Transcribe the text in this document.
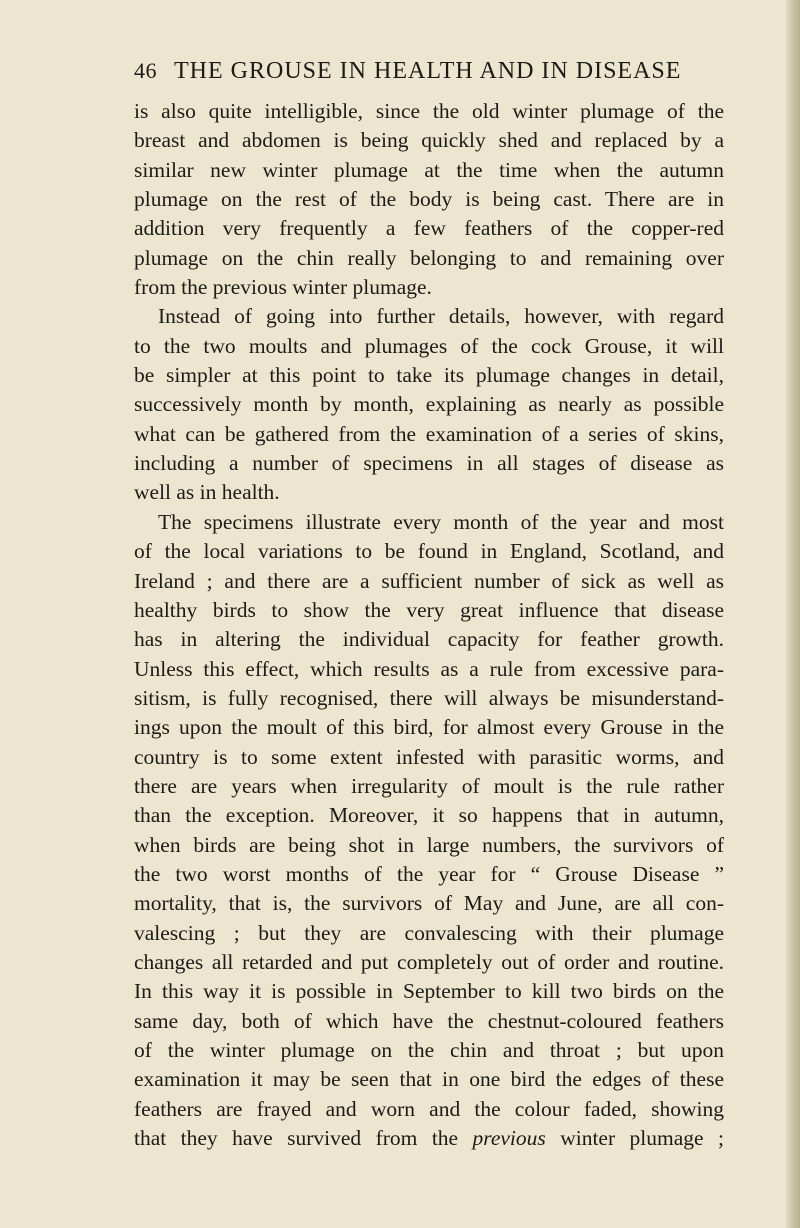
46 THE GROUSE IN HEALTH AND IN DISEASE
is also quite intelligible, since the old winter plumage of the
breast and abdomen is being quickly shed and replaced by a
similar new winter plumage at the time when the autumn
plumage on the rest of the body is being cast. There are in
addition very frequently a few feathers of the copper-red
plumage on the chin really belonging to and remaining over
from the previous winter plumage.
Instead of going into further details, however, with regard
to the two moults and plumages of the cock Grouse, it will
be simpler at this point to take its plumage changes in detail,
successively month by month, explaining as nearly as possible
what can be gathered from the examination of a series of skins,
including a number of specimens in all stages of disease as
well as in health.
The specimens illustrate every month of the year and most
of the local variations to be found in England, Scotland, and
Ireland ; and there are a sufficient number of sick as well as
healthy birds to show the very great influence that disease
has in altering the individual capacity for feather growth.
Unless this effect, which results as a rule from excessive para-
sitism, is fully recognised, there will always be misunderstand-
ings upon the moult of this bird, for almost every Grouse in the
country is to some extent infested with parasitic worms, and
there are years when irregularity of moult is the rule rather
than the exception. Moreover, it so happens that in autumn,
when birds are being shot in large numbers, the survivors of
the two worst months of the year for “ Grouse Disease ”
mortality, that is, the survivors of May and June, are all con-
valescing ; but they are convalescing with their plumage
changes all retarded and put completely out of order and routine.
In this way it is possible in September to kill two birds on the
same day, both of which have the chestnut-coloured feathers
of the winter plumage on the chin and throat ; but upon
examination it may be seen that in one bird the edges of these
feathers are frayed and worn and the colour faded, showing
that they have survived from the previous winter plumage ;
